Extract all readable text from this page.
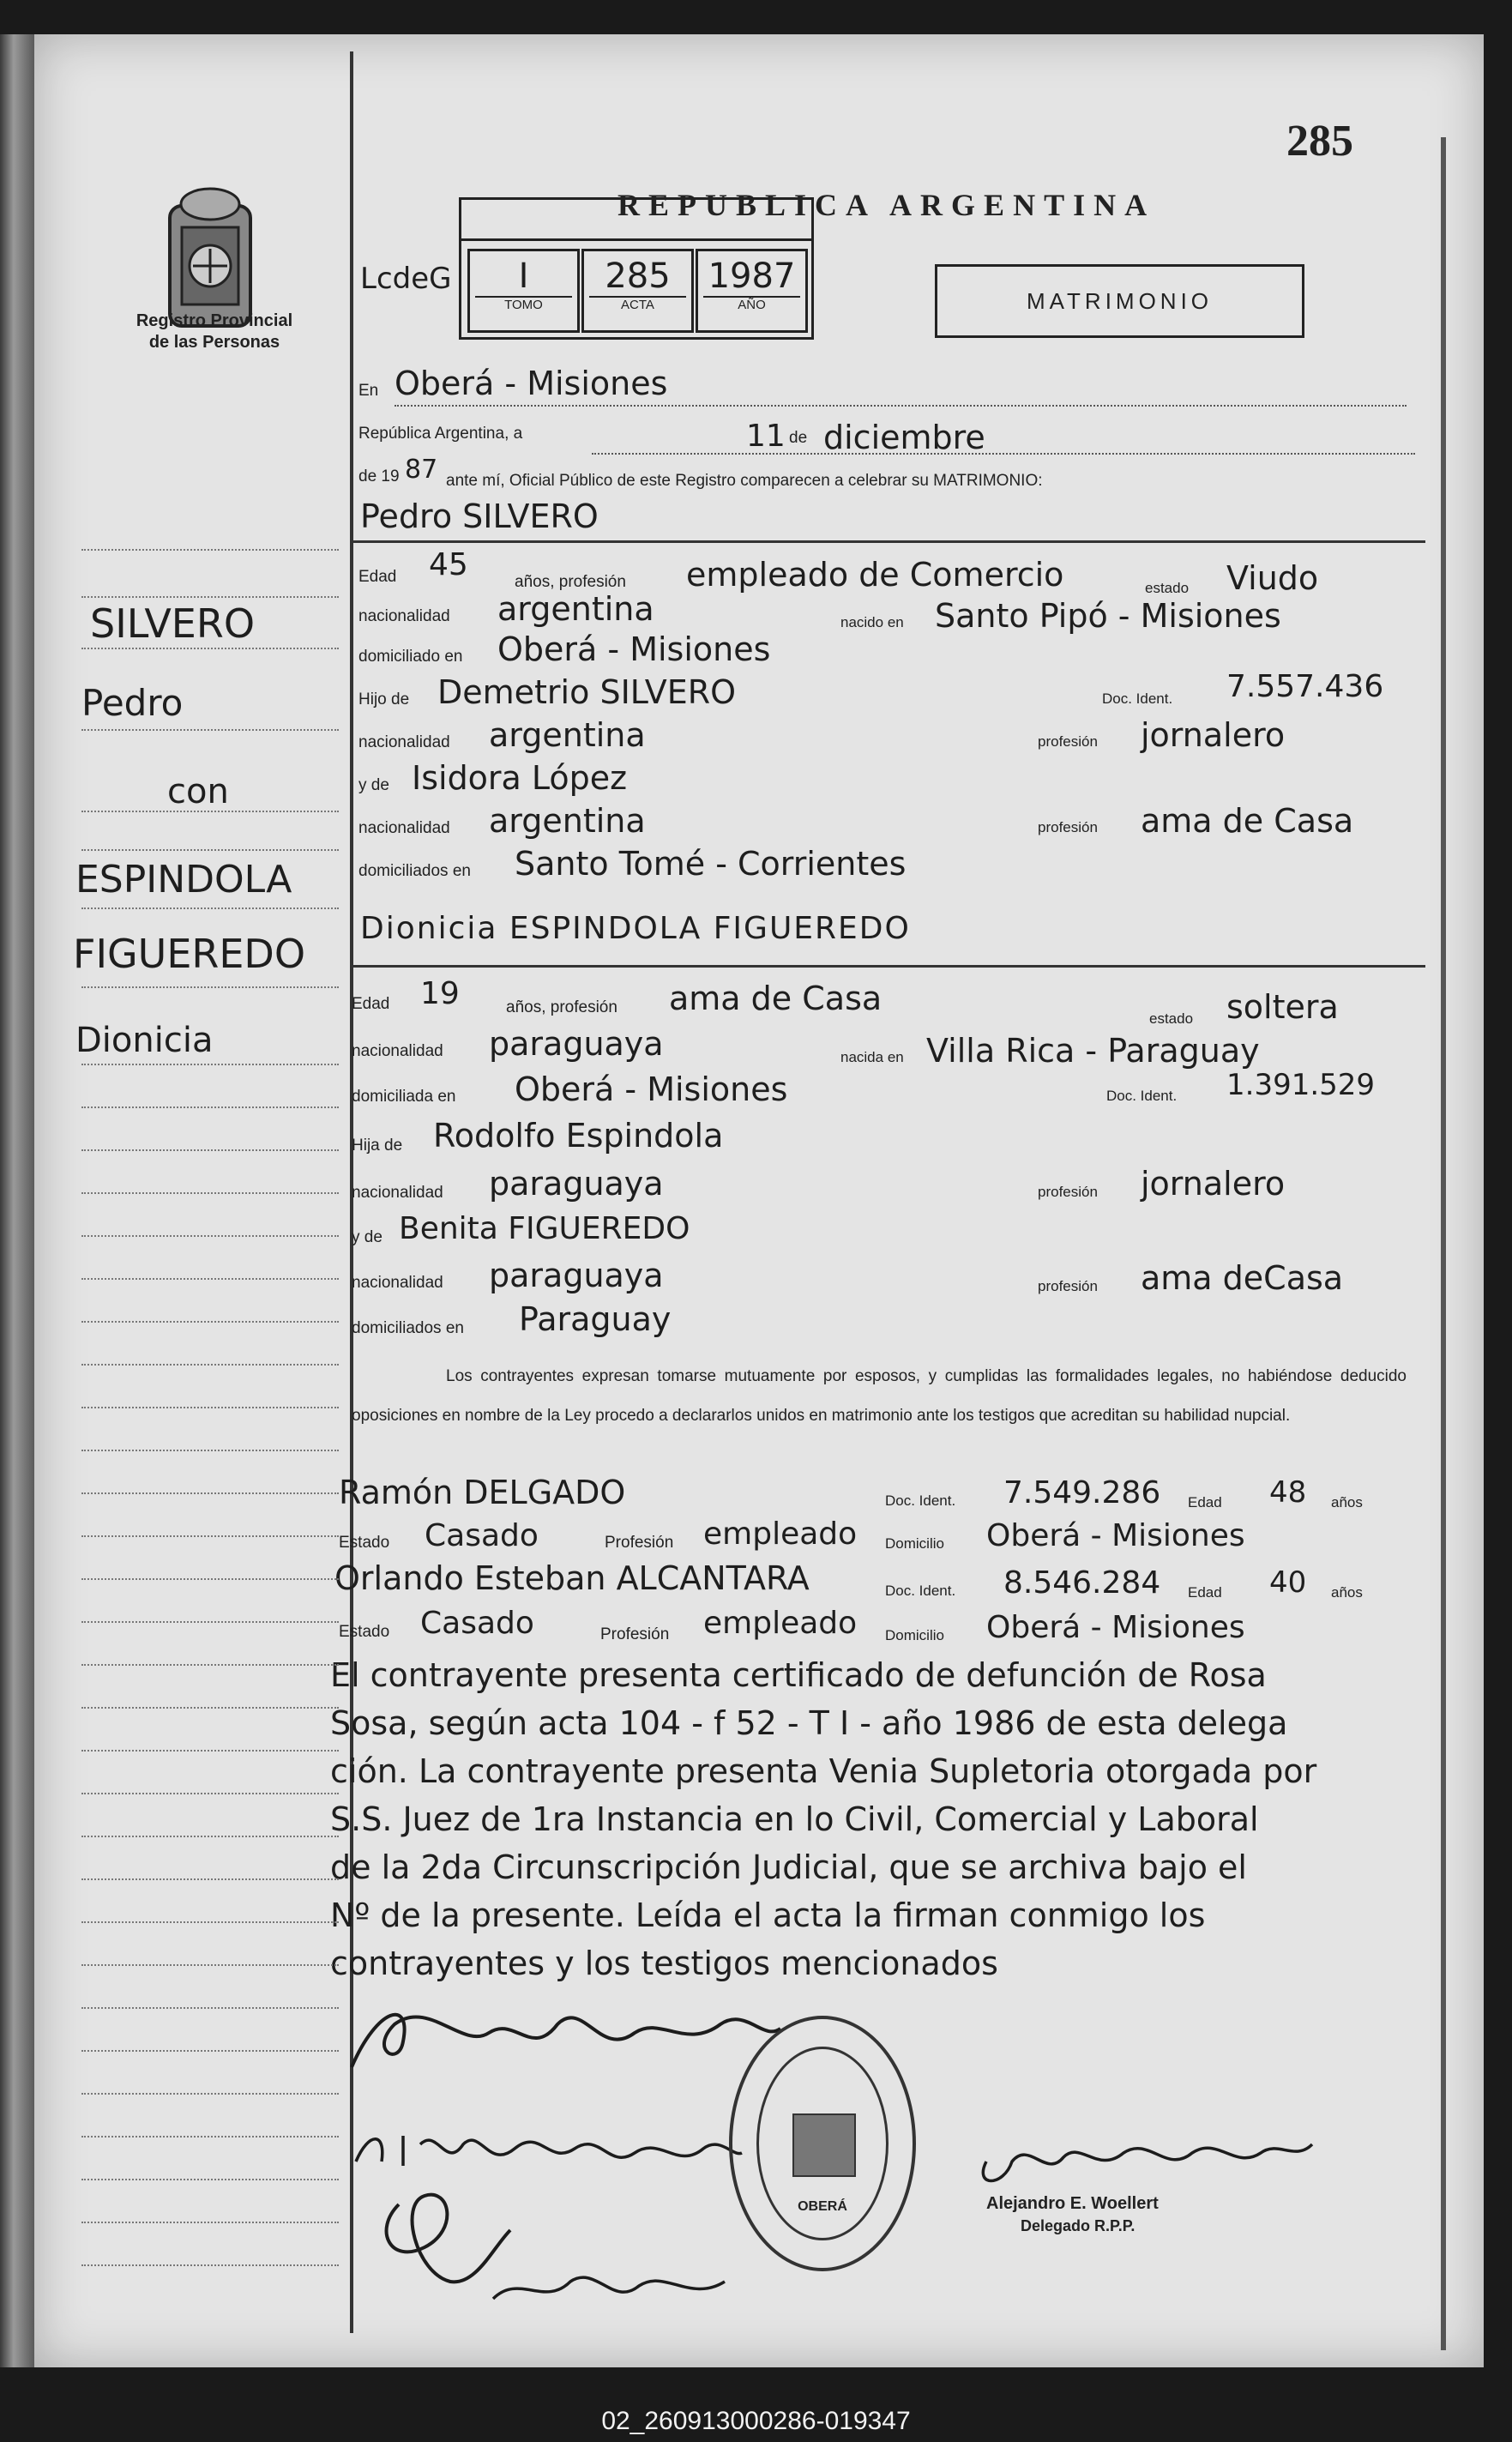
285
Registro Provincial
de las Personas
REPUBLICA ARGENTINA
LcdeG	I
TOMO
285
ACTA
1987
AÑO	MATRIMONIO
En Oberá - Misiones
República Argentina, a	11 de diciembre
de 19 87 ante mí, Oficial Público de este Registro comparecen a celebrar su MATRIMONIO:
Pedro SILVERO
Edad 45	años, profesión empleado de Comercio	estado Viudo
nacionalidad argentina	nacido en Santo Pipó - Misiones
domiciliado en Oberá - Misiones
Hijo de Demetrio SILVERO	Doc. Ident. 7.557.436
nacionalidad argentina	profesión jornalero
y de Isidora López
nacionalidad argentina	profesión ama de Casa
domiciliados en Santo Tomé - Corrientes
Dionicia ESPINDOLA FIGUEREDO
Edad 19	años, profesión ama de Casa
estado soltera
nacionalidad paraguaya	nacida en Villa Rica - Paraguay
domiciliada en Oberá - Misiones	Doc. Ident. 1.391.529
Hija de Rodolfo Espindola
nacionalidad paraguaya	profesión jornalero
y de Benita FIGUEREDO
nacionalidad paraguaya	profesión ama deCasa
domiciliados en Paraguay
Los contrayentes expresan tomarse mutuamente por esposos, y cumplidas las formalidades legales, no habiéndose deducido oposiciones en nombre de la Ley procedo a declararlos unidos en matrimonio ante los testigos que acreditan su habilidad nupcial.
Ramón DELGADO	Doc. Ident. 7.549.286 Edad 48 años
Estado Casado	Profesión empleado Domicilio Oberá - Misiones
Orlando Esteban ALCANTARA	Doc. Ident. 8.546.284 Edad 40 años
Estado Casado	Profesión empleado Domicilio Oberá - Misiones
El contrayente presenta certificado de defunción de Rosa
Sosa, según acta 104 - f 52 - T I - año 1986 de esta delega
ción. La contrayente presenta Venia Supletoria otorgada por
S.S. Juez de 1ra Instancia en lo Civil, Comercial y Laboral
de la 2da Circunscripción Judicial, que se archiva bajo el
Nº de la presente. Leída el acta la firman conmigo los
contrayentes y los testigos mencionados
SILVERO
Pedro
con
ESPINDOLA
FIGUEREDO
Dionicia
OBERÁ	Alejandro E. Woellert
Delegado R.P.P.
02_260913000286-019347
